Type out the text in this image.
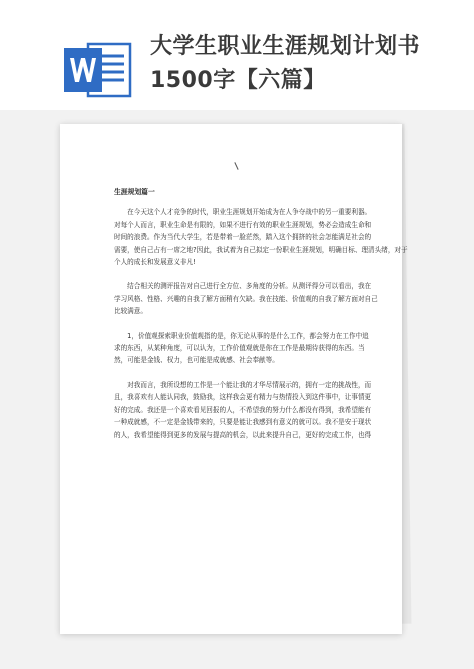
大学生职业生涯规划计划书1500字【六篇】
生涯规划篇一
　　在今天这个人才竞争的时代，职业生涯规划开始成为在人争夺战中的另一重要利器。
对每个人而言，职业生命是有限的，如果不进行有效的职业生涯规划，势必会造成生命和
时间的浪费。作为当代大学生，若是带着一脸茫然，踏入这个拥挤的社会怎能满足社会的
需要，使自己占有一席之地?因此，我试着为自己拟定一份职业生涯规划，明确目标、理清头绪，对于
个人的成长和发展意义非凡!
　　结合相关的测评报告对自己进行全方位、多角度的分析。从测评得分可以看出，我在
学习风格、性格、兴趣的自我了解方面稍有欠缺。我在技能、价值观的自我了解方面对自己
比较满意。
　　1，价值观探索职业价值观指的是，你无论从事的是什么工作，都会努力在工作中追
求的东西，从某种角度，可以认为，工作价值观就是你在工作是最期待获得的东西。当
然，可能是金钱、权力，也可能是成就感、社会奉献等。
　　对我而言，我所设想的工作是一个能让我的才华尽情展示的，拥有一定的挑战性，而
且，我喜欢有人能认同我，鼓励我，这样我会更有精力与热情投入到这件事中，让事情更
好的完成。我还是一个喜欢看见回报的人，不希望我的努力什么都没有得到，我希望能有
一种成就感，不一定是金钱带来的，只要是能让我感到有意义的就可以。我不是安于现状
的人，我希望能得到更多的发展与提高的机会，以此来提升自己，更好的完成工作，也得
